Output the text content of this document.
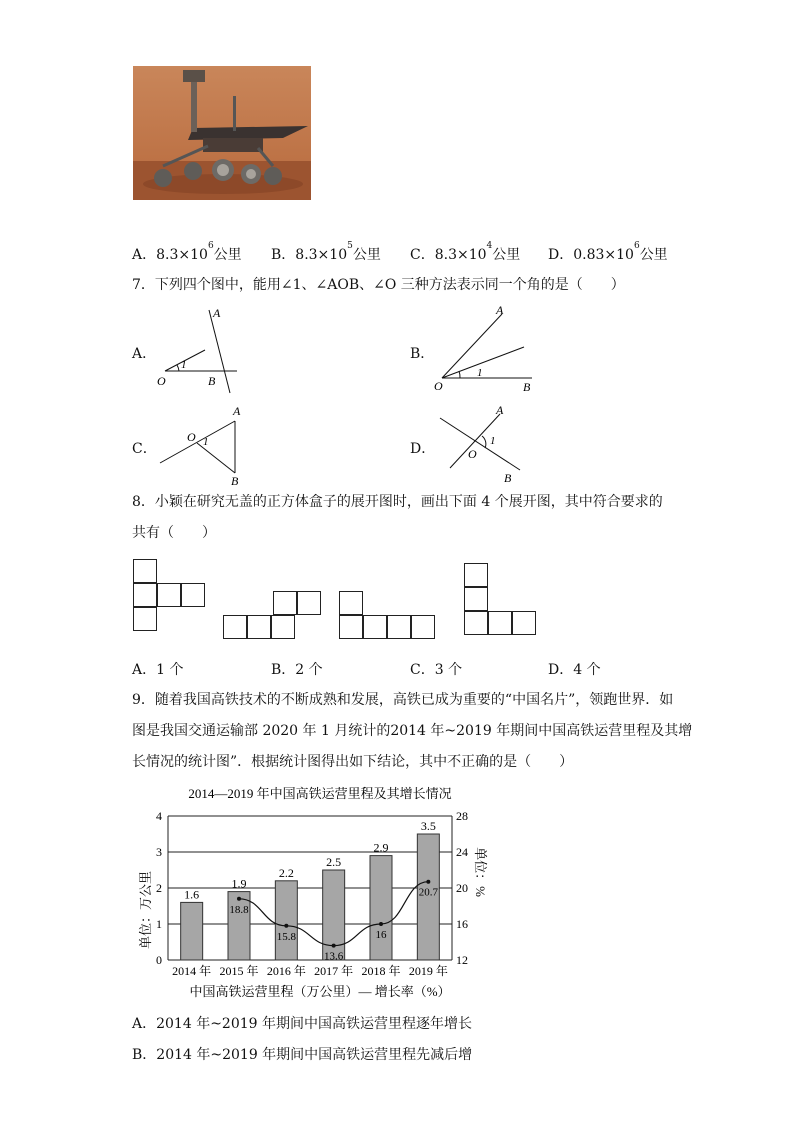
A．$8.3\times 10^6$公里 B．$8.3\times 10^5$公里 C．$8.3\times 10^4$公里 D．$0.83\times 10^6$公里
7．下列四个图中，能用∠1、∠AOB、∠O 三种方法表示同一个角的是（　　）
A．
1
O	B
A
B．
1
O	B
A
C．
O 1
A
B
D．	1
O
A
B
8．小颖在研究无盖的正方体盒子的展开图时，画出下面 4 个展开图，其中符合要求的
共有（　　）
A．1 个	B．2 个	C．3 个	D．4 个
9．随着我国高铁技术的不断成熟和发展，高铁已成为重要的“中国名片”，领跑世界．如
图是我国交通运输部 2020 年 1 月统计的2014 年~2019 年期间中国高铁运营里程及其增
长情况的统计图”．根据统计图得出如下结论，其中不正确的是（　　）
2014—2019 年中国高铁运营里程及其增长情况
1.6
1.9
2.2
2.5
2.9
3.5
18.8
15.8
13.6
16
20.7
0
1
2
3
4
12
16
20
24
28
2014 年 2015 年 2016 年 2017 年 2018 年 2019 年
单位：万公里	单位：%
中国高铁运营里程（万公里）— 增长率（%）
A．2014 年~2019 年期间中国高铁运营里程逐年增长
B．2014 年~2019 年期间中国高铁运营里程先减后增
